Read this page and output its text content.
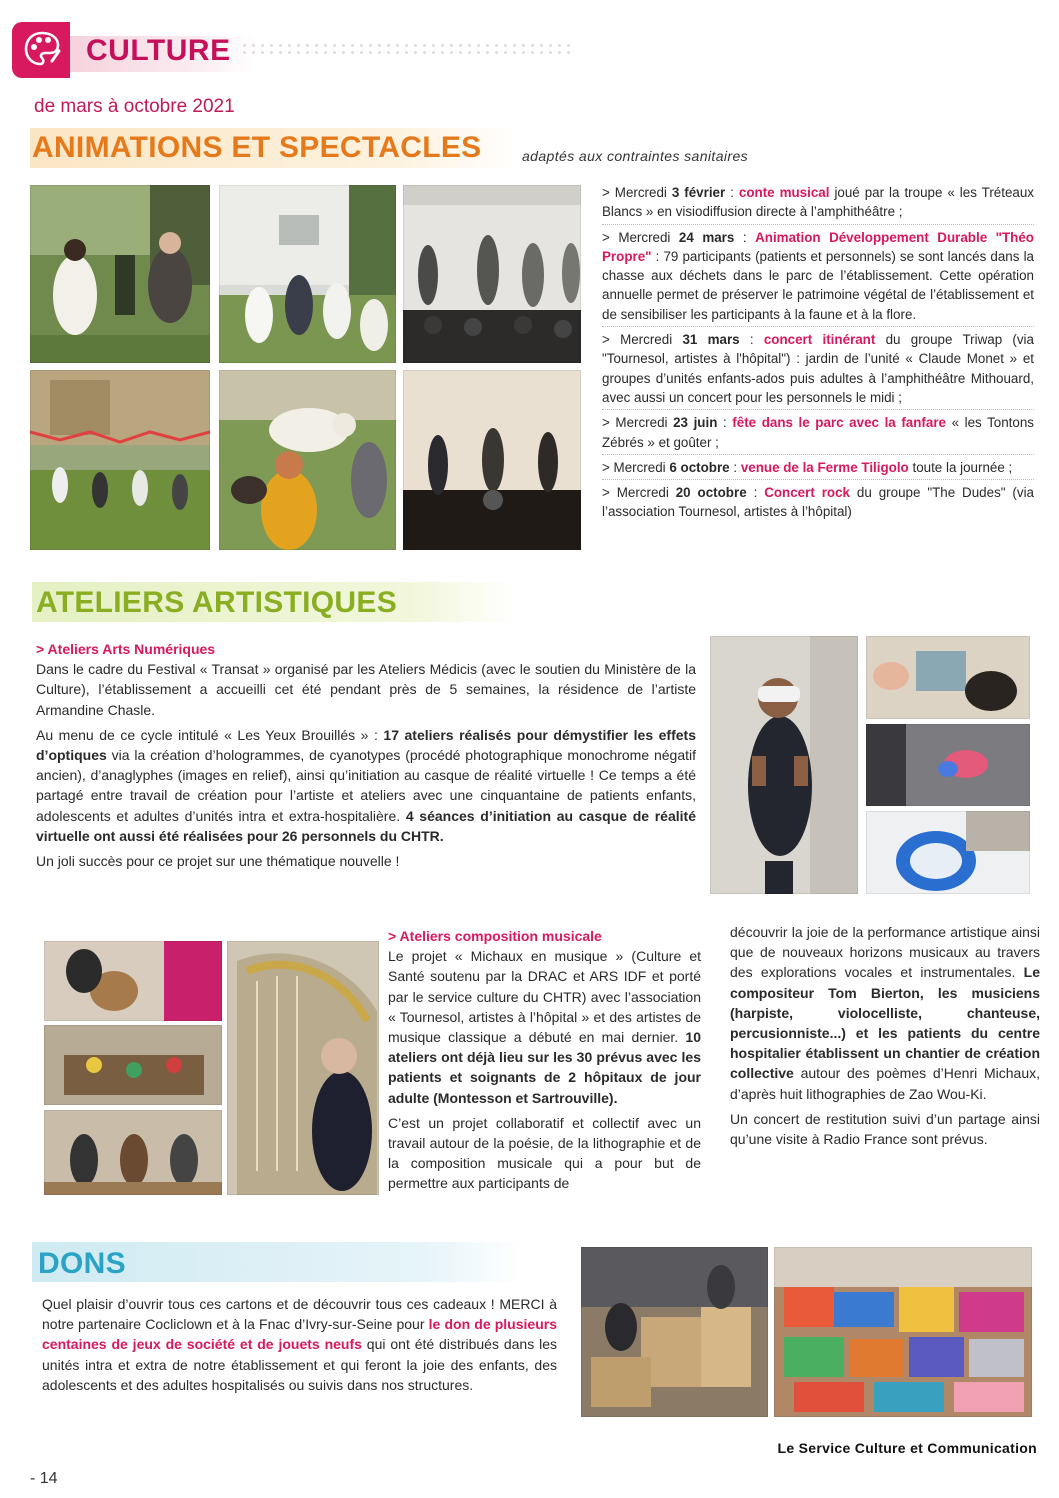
CULTURE
de mars à octobre 2021
ANIMATIONS ET SPECTACLES	adaptés aux contraintes sanitaires
> Mercredi 3 février : conte musical joué par la troupe « les Tréteaux Blancs » en visiodiffusion directe à l’amphithéâtre ;
> Mercredi 24 mars : Animation Développement Durable "Théo Propre" : 79 participants (patients et personnels) se sont lancés dans la chasse aux déchets dans le parc de l’établissement. Cette opération annuelle permet de préserver le patrimoine végétal de l’établissement et de sensibiliser les participants à la faune et à la flore.
> Mercredi 31 mars : concert itinérant du groupe Triwap (via "Tournesol, artistes à l'hôpital") : jardin de l’unité « Claude Monet » et groupes d’unités enfants-ados puis adultes à l’amphithéâtre Mithouard, avec aussi un concert pour les personnels le midi ;
> Mercredi 23 juin : fête dans le parc avec la fanfare « les Tontons Zébrés » et goûter ;
> Mercredi 6 octobre : venue de la Ferme Tiligolo toute la journée ;
> Mercredi 20 octobre : Concert rock du groupe "The Dudes" (via l’association Tournesol, artistes à l’hôpital)
ATELIERS ARTISTIQUES
> Ateliers Arts Numériques

Dans le cadre du Festival « Transat » organisé par les Ateliers Médicis (avec le soutien du Ministère de la Culture), l’établissement a accueilli cet été pendant près de 5 semaines, la résidence de l’artiste Armandine Chasle.

Au menu de ce cycle intitulé « Les Yeux Brouillés » : 17 ateliers réalisés pour démystifier les effets d’optiques via la création d’hologrammes, de cyanotypes (procédé photographique monochrome négatif ancien), d’anaglyphes (images en relief), ainsi qu’initiation au casque de réalité virtuelle ! Ce temps a été partagé entre travail de création pour l’artiste et ateliers avec une cinquantaine de patients enfants, adolescents et adultes d’unités intra et extra-hospitalière. 4 séances d’initiation au casque de réalité virtuelle ont aussi été réalisées pour 26 personnels du CHTR.

Un joli succès pour ce projet sur une thématique nouvelle !

> Ateliers composition musicale

Le projet « Michaux en musique » (Culture et Santé soutenu par la DRAC et ARS IDF et porté par le service culture du CHTR) avec l’association « Tournesol, artistes à l’hôpital » et des artistes de musique classique a débuté en mai dernier. 10 ateliers ont déjà lieu sur les 30 prévus avec les patients et soignants de 2 hôpitaux de jour adulte (Montesson et Sartrouville).

C’est un projet collaboratif et collectif avec un travail autour de la poésie, de la lithographie et de la composition musicale qui a pour but de permettre aux participants de

découvrir la joie de la performance artistique ainsi que de nouveaux horizons musicaux au travers des explorations vocales et instrumentales. Le compositeur Tom Bierton, les musiciens (harpiste, violocelliste, chanteuse, percusionniste...) et les patients du centre hospitalier établissent un chantier de création collective autour des poèmes d’Henri Michaux, d’après huit lithographies de Zao Wou-Ki.

Un concert de restitution suivi d’un partage ainsi qu’une visite à Radio France sont prévus.

DONS
Quel plaisir d’ouvrir tous ces cartons et de découvrir tous ces cadeaux ! MERCI à notre partenaire Cocliclown et à la Fnac d’Ivry-sur-Seine pour le don de plusieurs centaines de jeux de société et de jouets neufs qui ont été distribués dans les unités intra et extra de notre établissement et qui feront la joie des enfants, des adolescents et des adultes hospitalisés ou suivis dans nos structures.
Le Service Culture et Communication
- 14
